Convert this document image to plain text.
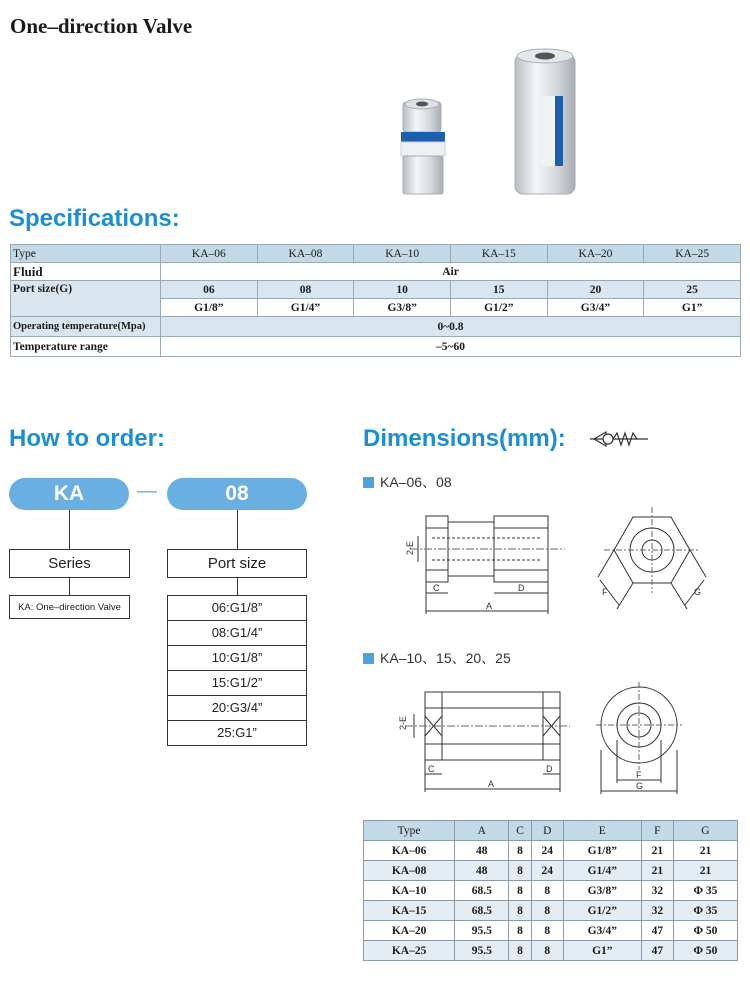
One–direction Valve
Specifications:
Type	KA–06	KA–08	KA–10	KA–15	KA–20	KA–25
Fluid	Air					
Port size(G)	06	08	10	15	20	25
	G1/8”	G1/4”	G3/8”	G1/2”	G3/4”	G1”
Operating temperature(Mpa)	0~0.8					
Temperature range	–5~60					
How to order:
KA	—	08
Series
KA: One–direction Valve
Port size
06:G1/8”
08:G1/4”
10:G1/8”
15:G1/2”
20:G3/4”
25:G1”
Dimensions(mm):
KA–06、08
2-E
C	D
A
F	G
KA–10、15、20、25
2-E
C	D
A
F
G
Type	A	C	D	E	F	G
KA–06	48	8	24	G1/8”	21	21
KA–08	48	8	24	G1/4”	21	21
KA–10	68.5	8	8	G3/8”	32	Φ 35
KA–15	68.5	8	8	G1/2”	32	Φ 35
KA–20	95.5	8	8	G3/4”	47	Φ 50
KA–25	95.5	8	8	G1”	47	Φ 50
